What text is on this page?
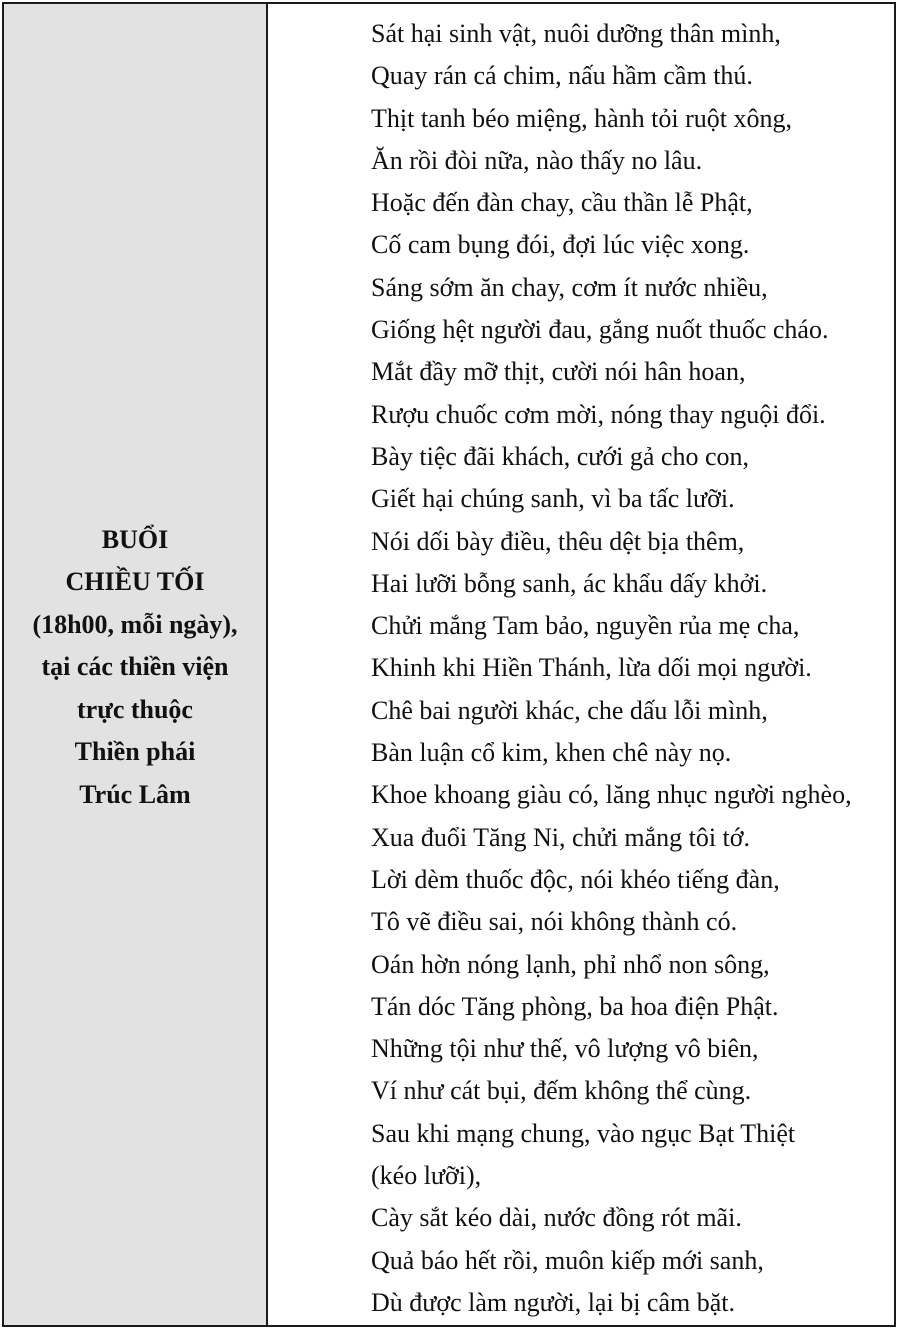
BUỔI
CHIỀU TỐI
(18h00, mỗi ngày),
tại các thiền viện
trực thuộc
Thiền phái
Trúc Lâm
Sát hại sinh vật, nuôi dưỡng thân mình,
Quay rán cá chim, nấu hầm cầm thú.
Thịt tanh béo miệng, hành tỏi ruột xông,
Ăn rồi đòi nữa, nào thấy no lâu.
Hoặc đến đàn chay, cầu thần lễ Phật,
Cố cam bụng đói, đợi lúc việc xong.
Sáng sớm ăn chay, cơm ít nước nhiều,
Giống hệt người đau, gắng nuốt thuốc cháo.
Mắt đầy mỡ thịt, cười nói hân hoan,
Rượu chuốc cơm mời, nóng thay nguội đổi.
Bày tiệc đãi khách, cưới gả cho con,
Giết hại chúng sanh, vì ba tấc lưỡi.
Nói dối bày điều, thêu dệt bịa thêm,
Hai lưỡi bỗng sanh, ác khẩu dấy khởi.
Chửi mắng Tam bảo, nguyền rủa mẹ cha,
Khinh khi Hiền Thánh, lừa dối mọi người.
Chê bai người khác, che dấu lỗi mình,
Bàn luận cổ kim, khen chê này nọ.
Khoe khoang giàu có, lăng nhục người nghèo,
Xua đuổi Tăng Ni, chửi mắng tôi tớ.
Lời dèm thuốc độc, nói khéo tiếng đàn,
Tô vẽ điều sai, nói không thành có.
Oán hờn nóng lạnh, phỉ nhổ non sông,
Tán dóc Tăng phòng, ba hoa điện Phật.
Những tội như thế, vô lượng vô biên,
Ví như cát bụi, đếm không thể cùng.
Sau khi mạng chung, vào ngục Bạt Thiệt
(kéo lưỡi),
Cày sắt kéo dài, nước đồng rót mãi.
Quả báo hết rồi, muôn kiếp mới sanh,
Dù được làm người, lại bị câm bặt.
